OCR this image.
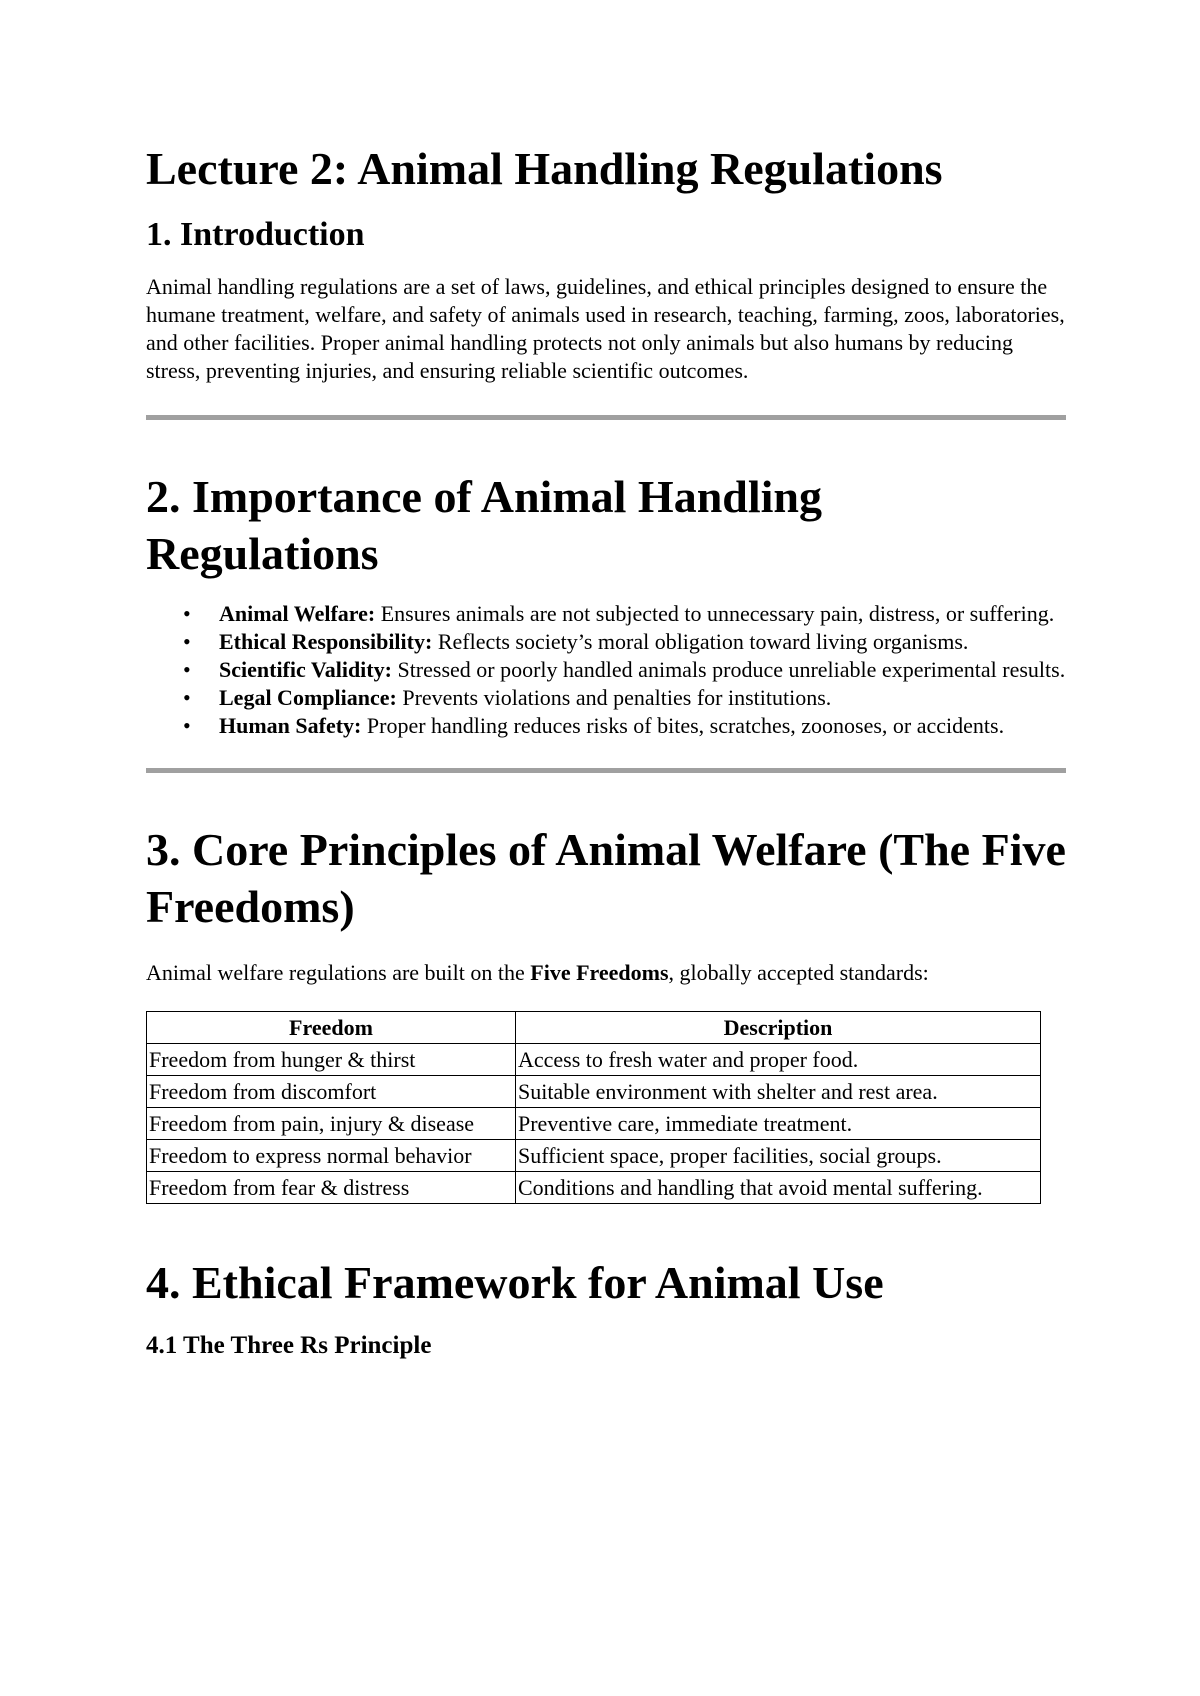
Lecture 2: Animal Handling Regulations
1. Introduction

Animal handling regulations are a set of laws, guidelines, and ethical principles designed to ensure the humane treatment, welfare, and safety of animals used in research, teaching, farming, zoos, laboratories, and other facilities. Proper animal handling protects not only animals but also humans by reducing stress, preventing injuries, and ensuring reliable scientific outcomes.

2. Importance of Animal Handling Regulations
• Animal Welfare: Ensures animals are not subjected to unnecessary pain, distress, or suffering.
• Ethical Responsibility: Reflects society’s moral obligation toward living organisms.
• Scientific Validity: Stressed or poorly handled animals produce unreliable experimental results.
• Legal Compliance: Prevents violations and penalties for institutions.
• Human Safety: Proper handling reduces risks of bites, scratches, zoonoses, or accidents.
3. Core Principles of Animal Welfare (The Five Freedoms)

Animal welfare regulations are built on the Five Freedoms, globally accepted standards:

Freedom	Description
Freedom from hunger & thirst	Access to fresh water and proper food.
Freedom from discomfort	Suitable environment with shelter and rest area.
Freedom from pain, injury & disease	Preventive care, immediate treatment.
Freedom to express normal behavior	Sufficient space, proper facilities, social groups.
Freedom from fear & distress	Conditions and handling that avoid mental suffering.
4. Ethical Framework for Animal Use
4.1 The Three Rs Principle
